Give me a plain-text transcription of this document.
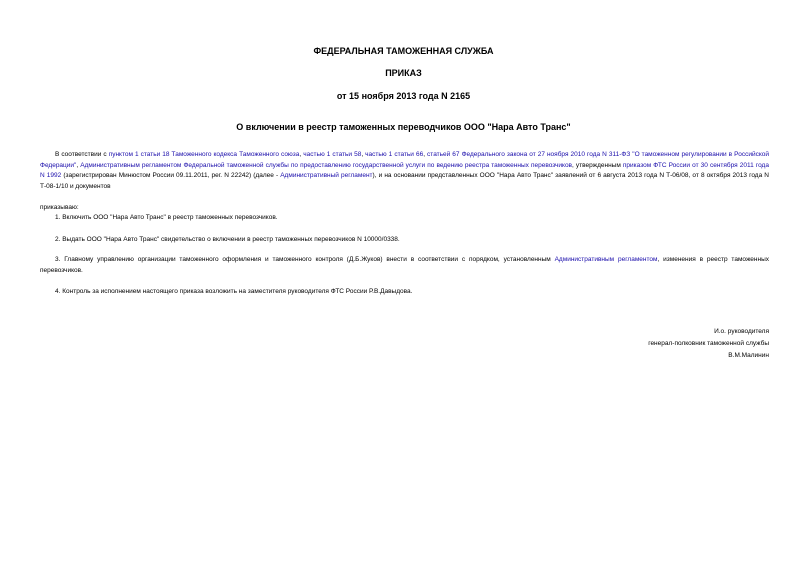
ФЕДЕРАЛЬНАЯ ТАМОЖЕННАЯ СЛУЖБА

ПРИКАЗ

от 15 ноября 2013 года N 2165

О включении в реестр таможенных переводчиков ООО "Нара Авто Транс"

В соответствии с пунктом 1 статьи 18 Таможенного кодекса Таможенного союза, частью 1 статьи 58, частью 1 статьи 66, статьей 67 Федерального закона от 27 ноября 2010 года N 311-ФЗ "О таможенном регулировании в Российской Федерации", Административным регламентом Федеральной таможенной службы по предоставлению государственной услуги по ведению реестра таможенных перевозчиков, утвержденным приказом ФТС России от 30 сентября 2011 года N 1992 (зарегистрирован Минюстом России 09.11.2011, рег. N 22242) (далее - Административный регламент), и на основании представленных ООО "Нара Авто Транс" заявлений от 6 августа 2013 года N Т-06/08, от 8 октября 2013 года N Т-08-1/10 и документов

приказываю:

1. Включить ООО "Нара Авто Транс" в реестр таможенных перевозчиков.

2. Выдать ООО "Нара Авто Транс" свидетельство о включении в реестр таможенных перевозчиков N 10000/0338.

3. Главному управлению организации таможенного оформления и таможенного контроля (Д.Б.Жуков) внести в соответствии с порядком, установленным Административным регламентом, изменения в реестр таможенных перевозчиков.

4. Контроль за исполнением настоящего приказа возложить на заместителя руководителя ФТС России Р.В.Давыдова.

И.о. руководителя

генерал-полковник таможенной службы

В.М.Малинин
